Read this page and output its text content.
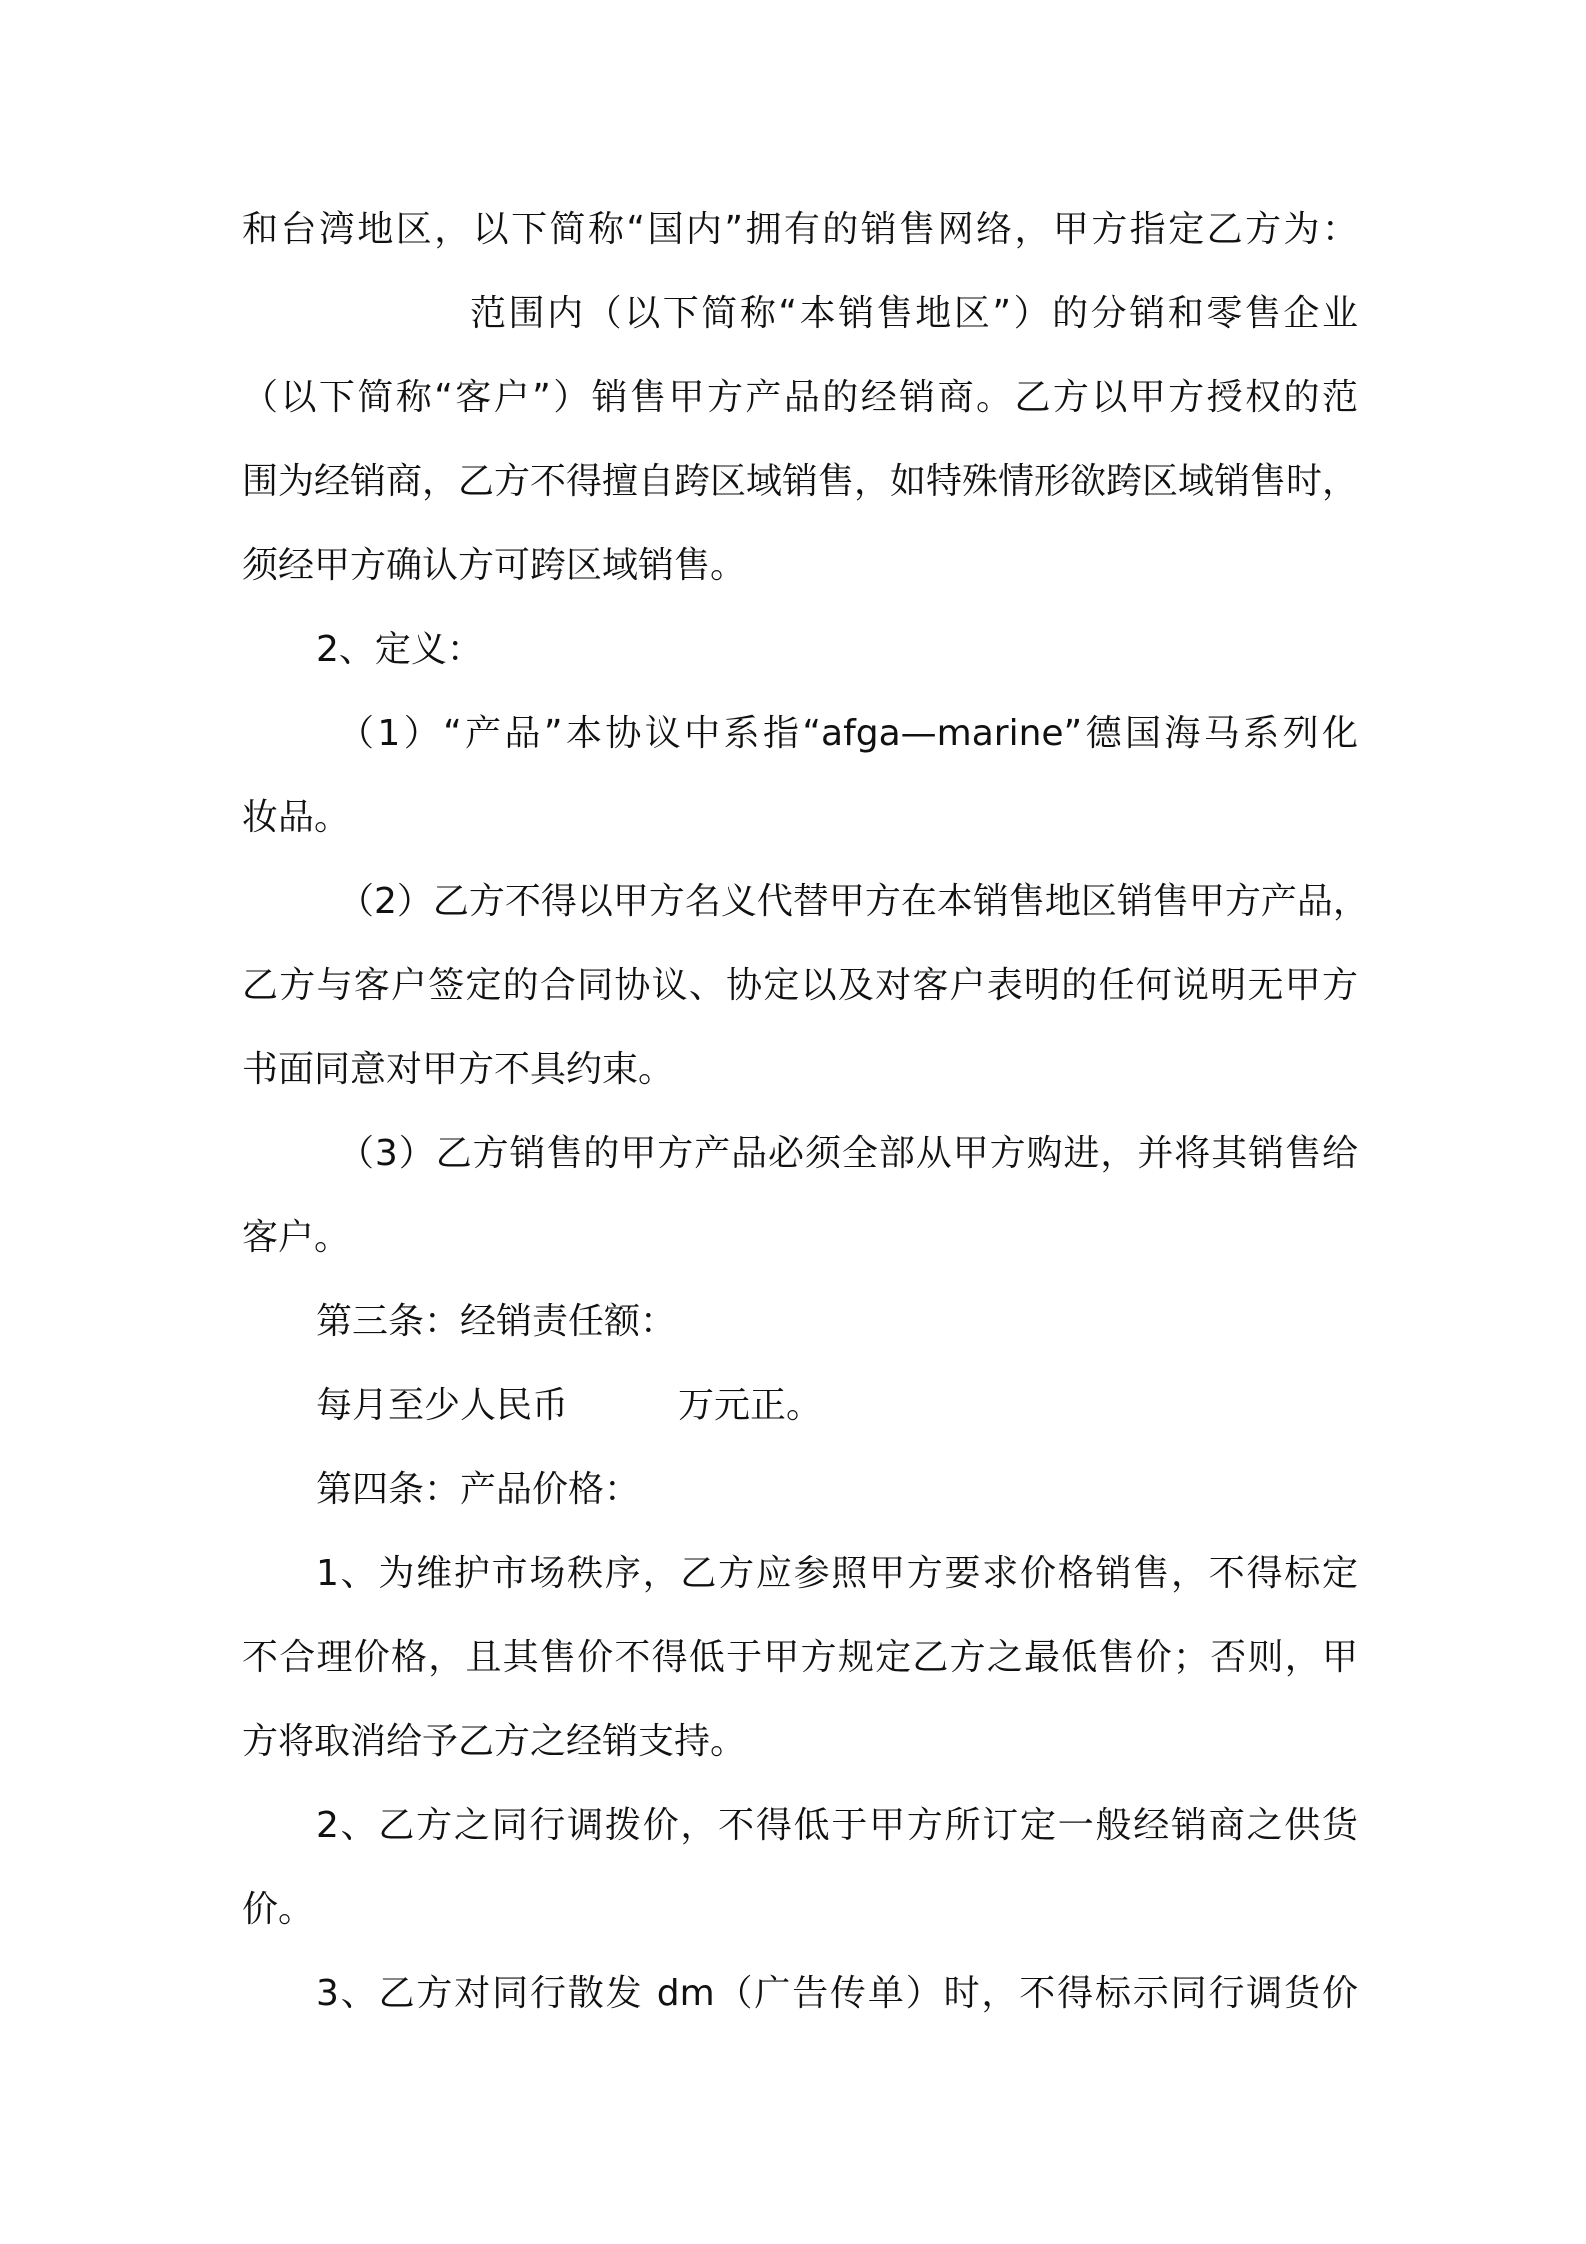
和台湾地区，以下简称“国内”拥有的销售网络，甲方指定乙方为：
范围内（以下简称“本销售地区”）的分销和零售企业
（以下简称“客户”）销售甲方产品的经销商。乙方以甲方授权的范
围为经销商，乙方不得擅自跨区域销售，如特殊情形欲跨区域销售时，
须经甲方确认方可跨区域销售。
2、定义：
（1）“产品”本协议中系指“afga—marine”德国海马系列化
妆品。
（2）乙方不得以甲方名义代替甲方在本销售地区销售甲方产品，
乙方与客户签定的合同协议、协定以及对客户表明的任何说明无甲方
书面同意对甲方不具约束。
（3）乙方销售的甲方产品必须全部从甲方购进，并将其销售给
客户。
第三条：经销责任额：
每月至少人民币	万元正。
第四条：产品价格：
1、为维护市场秩序，乙方应参照甲方要求价格销售，不得标定
不合理价格，且其售价不得低于甲方规定乙方之最低售价；否则，甲
方将取消给予乙方之经销支持。
2、乙方之同行调拨价，不得低于甲方所订定一般经销商之供货
价。
3、乙方对同行散发 dm（广告传单）时，不得标示同行调货价
